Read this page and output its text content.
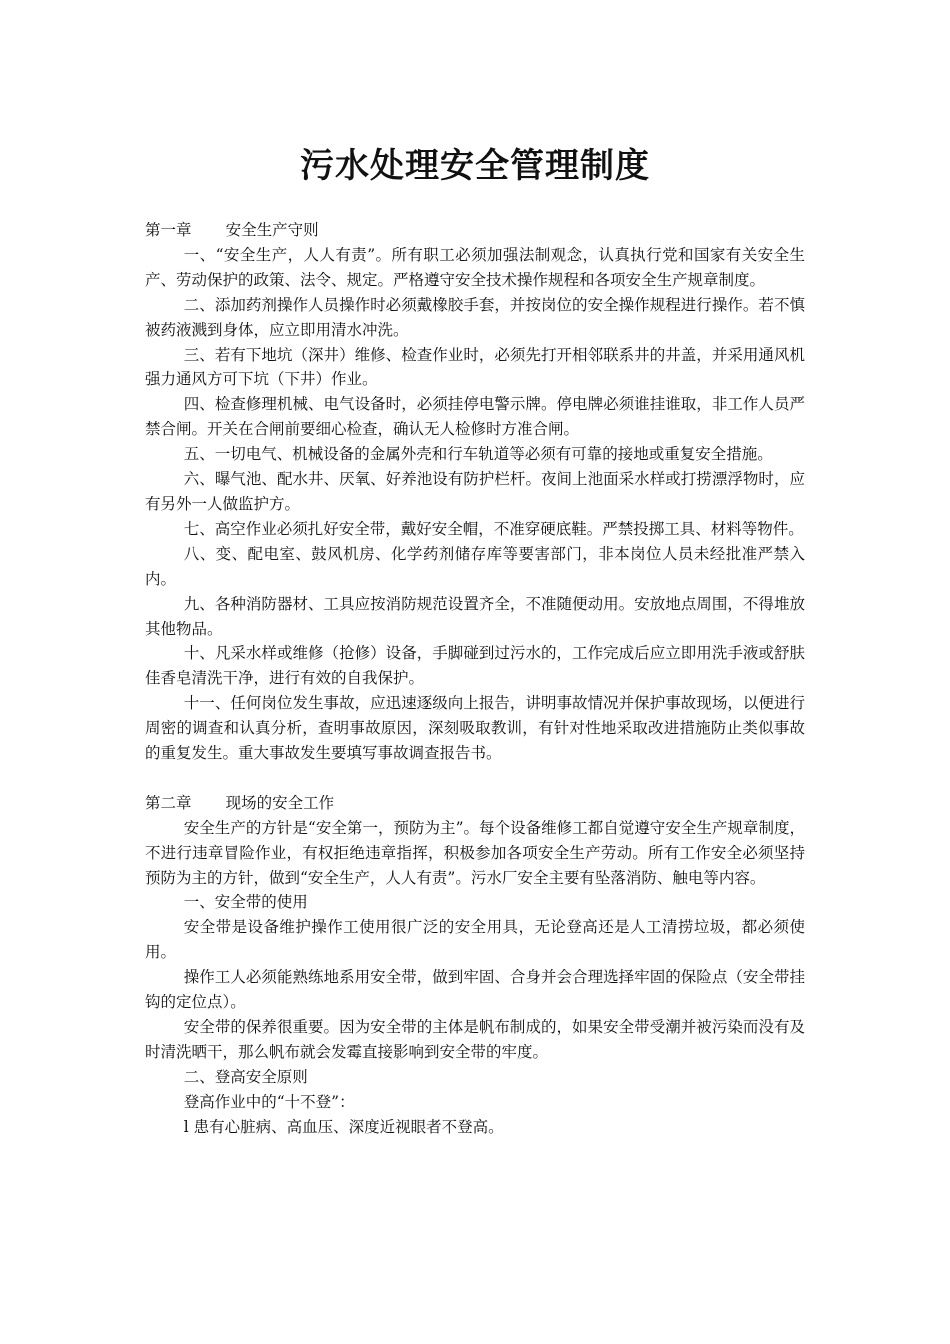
污水处理安全管理制度

第一章 安全生产守则

一、“安全生产，人人有责”。所有职工必须加强法制观念，认真执行党和国家有关安全生产、劳动保护的政策、法令、规定。严格遵守安全技术操作规程和各项安全生产规章制度。

二、添加药剂操作人员操作时必须戴橡胶手套，并按岗位的安全操作规程进行操作。若不慎被药液溅到身体，应立即用清水冲洗。

三、若有下地坑（深井）维修、检查作业时，必须先打开相邻联系井的井盖，并采用通风机强力通风方可下坑（下井）作业。

四、检查修理机械、电气设备时，必须挂停电警示牌。停电牌必须谁挂谁取，非工作人员严禁合闸。开关在合闸前要细心检查，确认无人检修时方准合闸。

五、一切电气、机械设备的金属外壳和行车轨道等必须有可靠的接地或重复安全措施。

六、曝气池、配水井、厌氧、好养池设有防护栏杆。夜间上池面采水样或打捞漂浮物时，应有另外一人做监护方。

七、高空作业必须扎好安全带，戴好安全帽，不准穿硬底鞋。严禁投掷工具、材料等物件。

八、变、配电室、鼓风机房、化学药剂储存库等要害部门，非本岗位人员未经批准严禁入内。

九、各种消防器材、工具应按消防规范设置齐全，不准随便动用。安放地点周围，不得堆放其他物品。

十、凡采水样或维修（抢修）设备，手脚碰到过污水的，工作完成后应立即用洗手液或舒肤佳香皂清洗干净，进行有效的自我保护。

十一、任何岗位发生事故，应迅速逐级向上报告，讲明事故情况并保护事故现场，以便进行周密的调查和认真分析，查明事故原因，深刻吸取教训，有针对性地采取改进措施防止类似事故的重复发生。重大事故发生要填写事故调查报告书。

第二章 现场的安全工作

安全生产的方针是“安全第一，预防为主”。每个设备维修工都自觉遵守安全生产规章制度，不进行违章冒险作业，有权拒绝违章指挥，积极参加各项安全生产劳动。所有工作安全必须坚持预防为主的方针，做到“安全生产，人人有责”。污水厂安全主要有坠落消防、触电等内容。

一、安全带的使用

安全带是设备维护操作工使用很广泛的安全用具，无论登高还是人工清捞垃圾，都必须使用。

操作工人必须能熟练地系用安全带，做到牢固、合身并会合理选择牢固的保险点（安全带挂钩的定位点）。

安全带的保养很重要。因为安全带的主体是帆布制成的，如果安全带受潮并被污染而没有及时清洗晒干，那么帆布就会发霉直接影响到安全带的牢度。

二、登高安全原则

登高作业中的“十不登”：

l 患有心脏病、高血压、深度近视眼者不登高。
